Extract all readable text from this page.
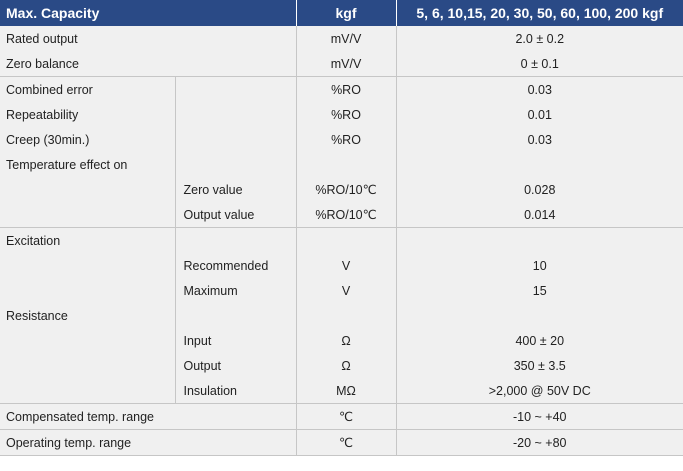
Max. Capacity		kgf	5, 6, 10,15, 20, 30, 50, 60, 100, 200 kgf
Rated output		mV/V	2.0 ± 0.2
Zero balance		mV/V	0 ± 0.1
Combined error		%RO	0.03
Repeatability		%RO	0.01
Creep (30min.)		%RO	0.03
Temperature effect on			
	Zero value	%RO/10℃	0.028
	Output value	%RO/10℃	0.014
Excitation			
	Recommended	V	10
	Maximum	V	15
Resistance			
	Input	Ω	400 ± 20
	Output	Ω	350 ± 3.5
	Insulation	MΩ	>2,000 @ 50V DC
Compensated temp. range		℃	-10 ~ +40
Operating temp. range		℃	-20 ~ +80
